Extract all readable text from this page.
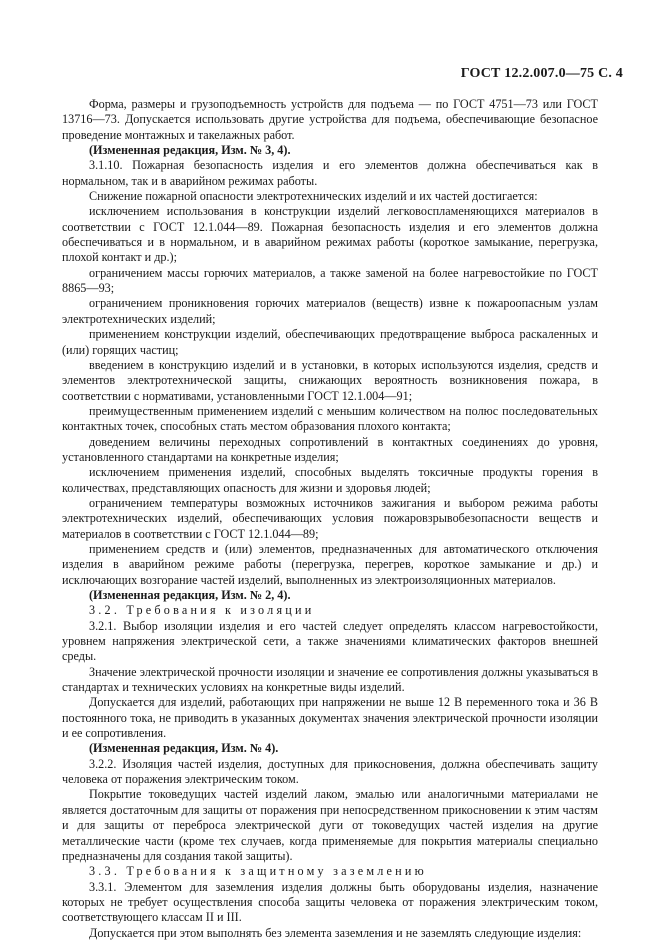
ГОСТ 12.2.007.0—75 С. 4

Форма, размеры и грузоподъемность устройств для подъема — по ГОСТ 4751—73 или ГОСТ 13716—73. Допускается использовать другие устройства для подъема, обеспечивающие безопасное проведение монтажных и такелажных работ.

(Измененная редакция, Изм. № 3, 4).

3.1.10. Пожарная безопасность изделия и его элементов должна обеспечиваться как в нормальном, так и в аварийном режимах работы.

Снижение пожарной опасности электротехнических изделий и их частей достигается:

исключением использования в конструкции изделий легковоспламеняющихся материалов в соответствии с ГОСТ 12.1.044—89. Пожарная безопасность изделия и его элементов должна обеспечиваться и в нормальном, и в аварийном режимах работы (короткое замыкание, перегрузка, плохой контакт и др.);

ограничением массы горючих материалов, а также заменой на более нагревостойкие по ГОСТ 8865—93;

ограничением проникновения горючих материалов (веществ) извне к пожароопасным узлам электротехнических изделий;

применением конструкции изделий, обеспечивающих предотвращение выброса раскаленных и (или) горящих частиц;

введением в конструкцию изделий и в установки, в которых используются изделия, средств и элементов электротехнической защиты, снижающих вероятность возникновения пожара, в соответствии с нормативами, установленными ГОСТ 12.1.004—91;

преимущественным применением изделий с меньшим количеством на полюс последовательных контактных точек, способных стать местом образования плохого контакта;

доведением величины переходных сопротивлений в контактных соединениях до уровня, установленного стандартами на конкретные изделия;

исключением применения изделий, способных выделять токсичные продукты горения в количествах, представляющих опасность для жизни и здоровья людей;

ограничением температуры возможных источников зажигания и выбором режима работы электротехнических изделий, обеспечивающих условия пожаровзрывобезопасности веществ и материалов в соответствии с ГОСТ 12.1.044—89;

применением средств и (или) элементов, предназначенных для автоматического отключения изделия в аварийном режиме работы (перегрузка, перегрев, короткое замыкание и др.) и исключающих возгорание частей изделий, выполненных из электроизоляционных материалов.

(Измененная редакция, Изм. № 2, 4).

3.2. Требования к изоляции

3.2.1. Выбор изоляции изделия и его частей следует определять классом нагревостойкости, уровнем напряжения электрической сети, а также значениями климатических факторов внешней среды.

Значение электрической прочности изоляции и значение ее сопротивления должны указываться в стандартах и технических условиях на конкретные виды изделий.

Допускается для изделий, работающих при напряжении не выше 12 В переменного тока и 36 В постоянного тока, не приводить в указанных документах значения электрической прочности изоляции и ее сопротивления.

(Измененная редакция, Изм. № 4).

3.2.2. Изоляция частей изделия, доступных для прикосновения, должна обеспечивать защиту человека от поражения электрическим током.

Покрытие токоведущих частей изделий лаком, эмалью или аналогичными материалами не является достаточным для защиты от поражения при непосредственном прикосновении к этим частям и для защиты от переброса электрической дуги от токоведущих частей изделия на другие металлические части (кроме тех случаев, когда применяемые для покрытия материалы специально предназначены для создания такой защиты).

3.3. Требования к защитному заземлению

3.3.1. Элементом для заземления изделия должны быть оборудованы изделия, назначение которых не требует осуществления способа защиты человека от поражения электрическим током, соответствующего классам II и III.

Допускается при этом выполнять без элемента заземления и не заземлять следующие изделия:
